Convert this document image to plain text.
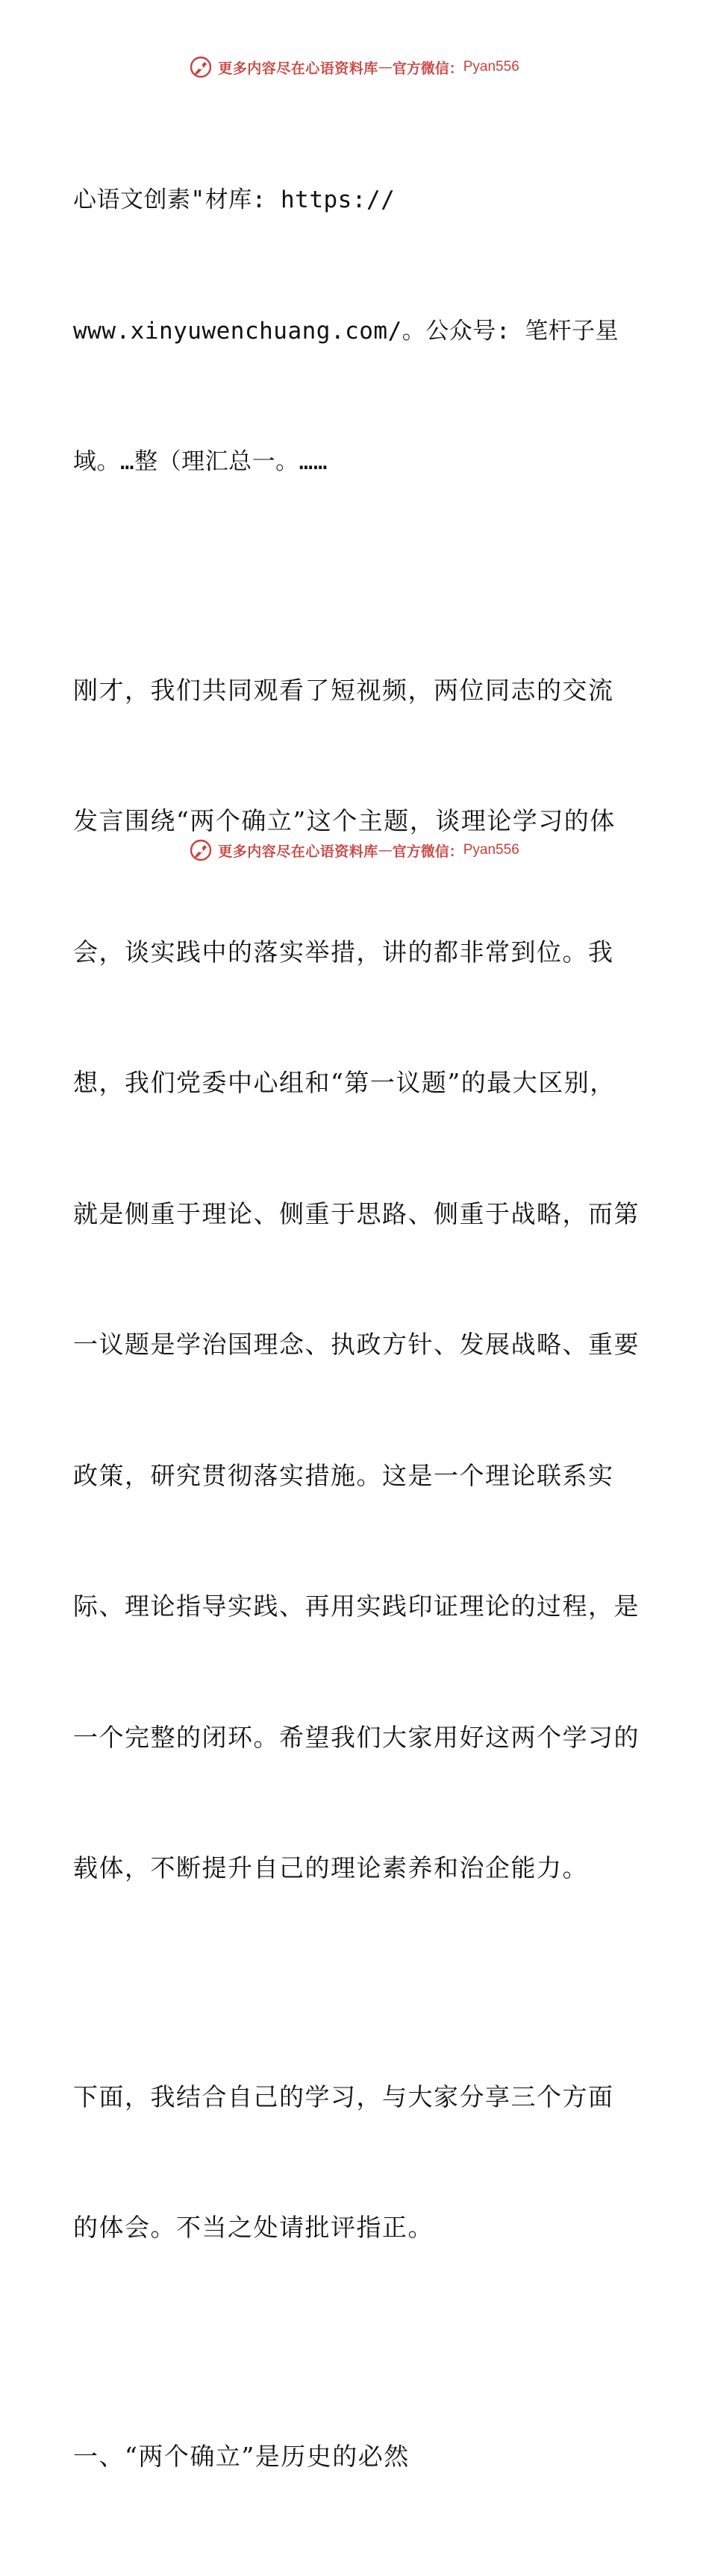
更多内容尽在心语资料库 — 官方微信： Pyan556

心语文创素"材库: https://

www.xinyuwenchuang.com/。公众号: 笔杆子星

域。…整（理汇总一。……

刚才，我们共同观看了短视频，两位同志的交流

发言围绕“两个确立”这个主题，谈理论学习的体

会，谈实践中的落实举措，讲的都非常到位。我

想，我们党委中心组和“第一议题”的最大区别，

就是侧重于理论、侧重于思路、侧重于战略，而第

一议题是学治国理念、执政方针、发展战略、重要

政策，研究贯彻落实措施。这是一个理论联系实

际、理论指导实践、再用实践印证理论的过程，是

一个完整的闭环。希望我们大家用好这两个学习的

载体，不断提升自己的理论素养和治企能力。

下面，我结合自己的学习，与大家分享三个方面

的体会。不当之处请批评指正。

一、“两个确立”是历史的必然

更多内容尽在心语资料库 — 官方微信： Pyan556
